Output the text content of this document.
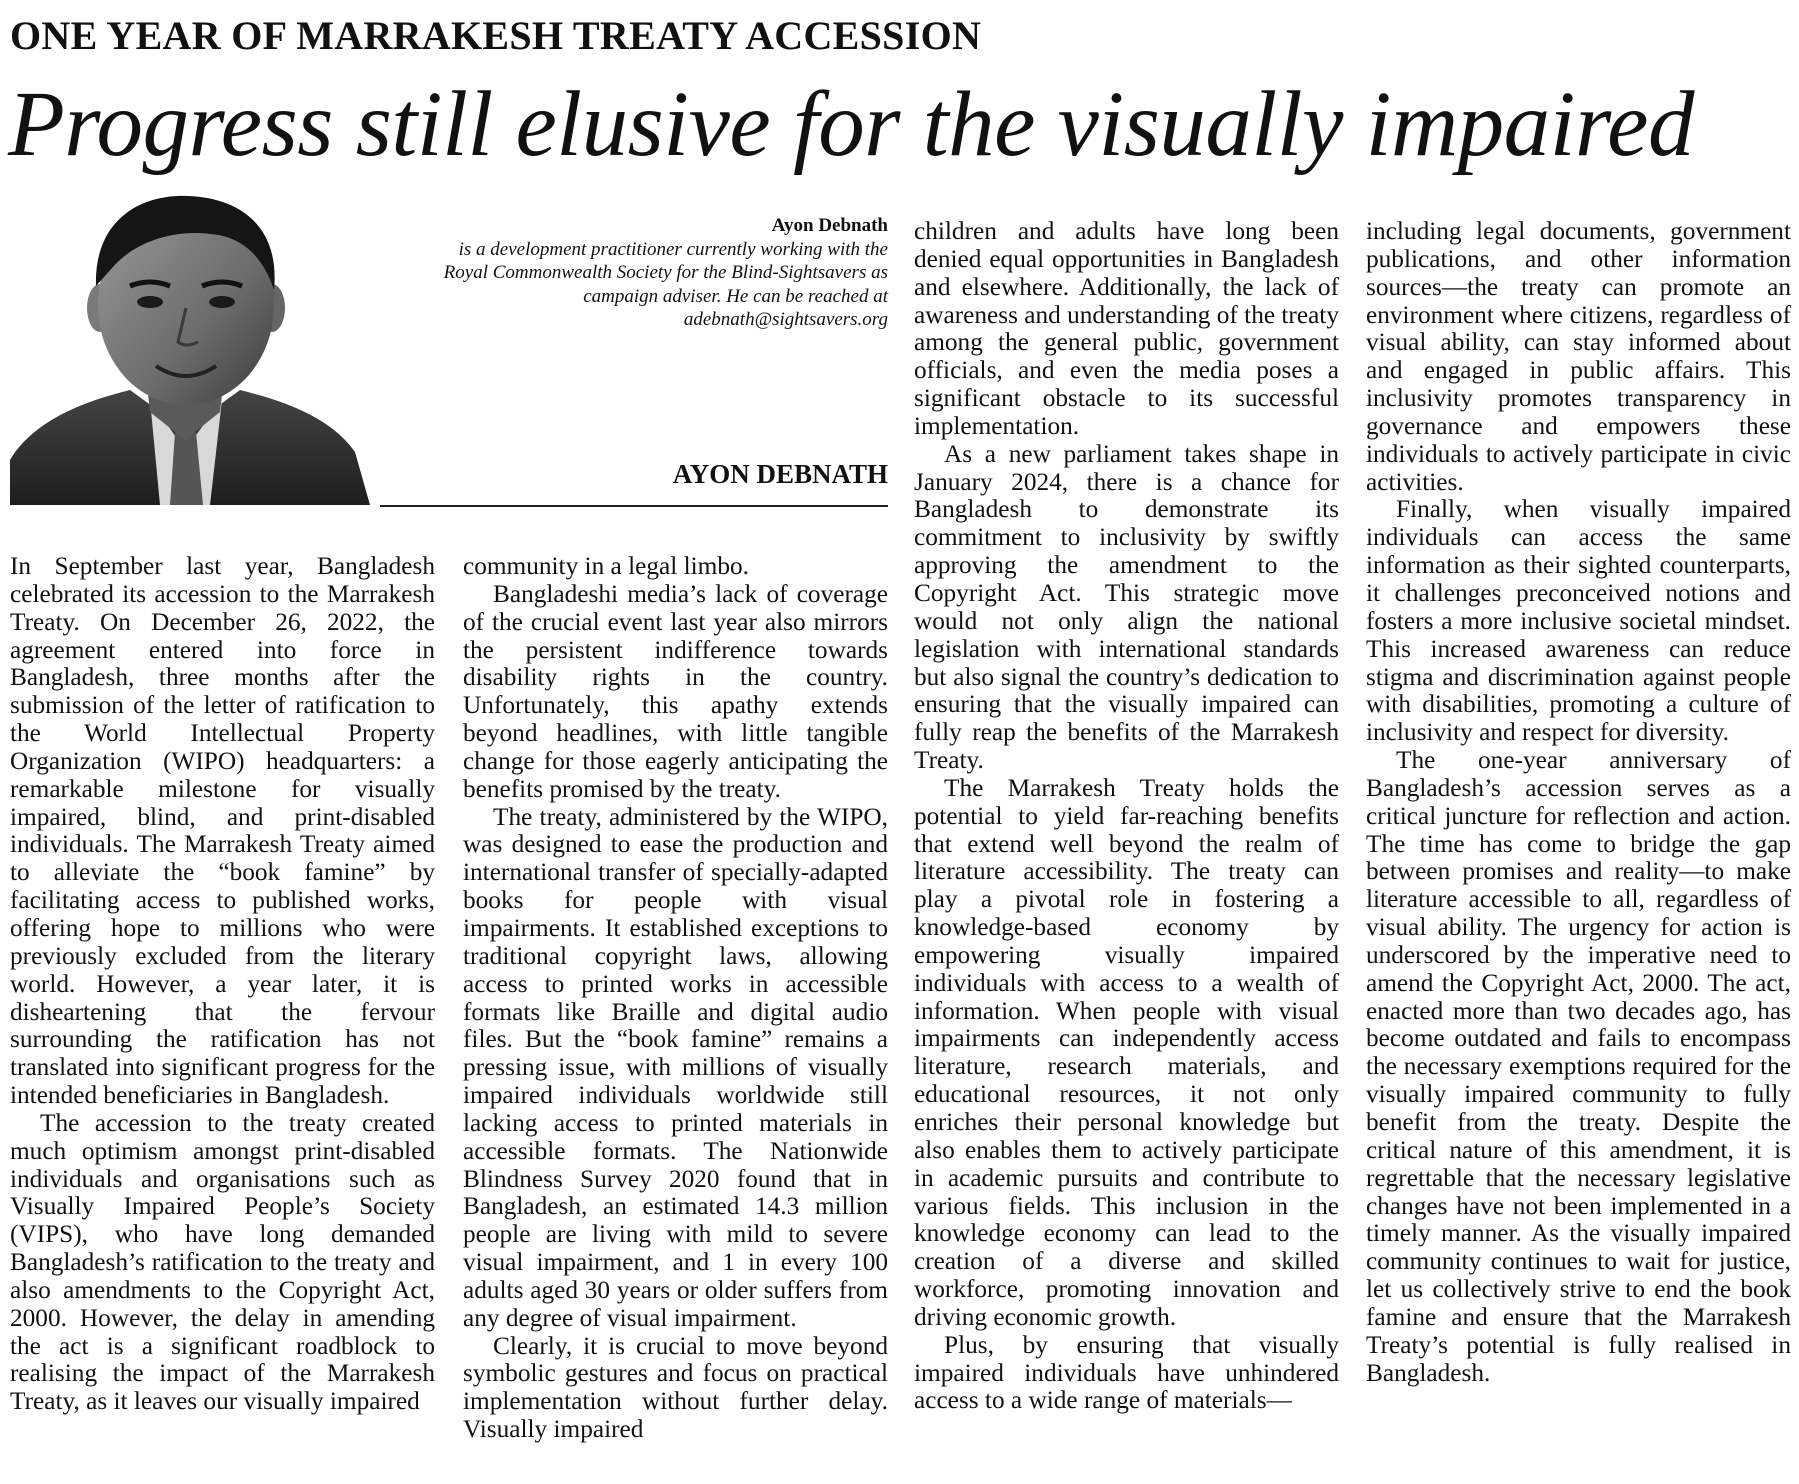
ONE YEAR OF MARRAKESH TREATY ACCESSION
Progress still elusive for the visually impaired
Ayon Debnath
is a development practitioner currently working with the Royal Commonwealth Society for the Blind-Sightsavers as campaign adviser. He can be reached at adebnath@sightsavers.org
AYON DEBNATH

In September last year, Bangladesh celebrated its accession to the Marrakesh Treaty. On December 26, 2022, the agreement entered into force in Bangladesh, three months after the submission of the letter of ratification to the World Intellectual Property Organization (WIPO) headquarters: a remarkable milestone for visually impaired, blind, and print-disabled individuals. The Marrakesh Treaty aimed to alleviate the “book famine” by facilitating access to published works, offering hope to millions who were previously excluded from the literary world. However, a year later, it is disheartening that the fervour surrounding the ratification has not translated into significant progress for the intended beneficiaries in Bangladesh.

The accession to the treaty created much optimism amongst print-disabled individuals and organisations such as Visually Impaired People’s Society (VIPS), who have long demanded Bangladesh’s ratification to the treaty and also amendments to the Copyright Act, 2000. However, the delay in amending the act is a significant roadblock to realising the impact of the Marrakesh Treaty, as it leaves our visually impaired

community in a legal limbo.

Bangladeshi media’s lack of coverage of the crucial event last year also mirrors the persistent indifference towards disability rights in the country. Unfortunately, this apathy extends beyond headlines, with little tangible change for those eagerly anticipating the benefits promised by the treaty.

The treaty, administered by the WIPO, was designed to ease the production and international transfer of specially-adapted books for people with visual impairments. It established exceptions to traditional copyright laws, allowing access to printed works in accessible formats like Braille and digital audio files. But the “book famine” remains a pressing issue, with millions of visually impaired individuals worldwide still lacking access to printed materials in accessible formats. The Nationwide Blindness Survey 2020 found that in Bangladesh, an estimated 14.3 million people are living with mild to severe visual impairment, and 1 in every 100 adults aged 30 years or older suffers from any degree of visual impairment.

Clearly, it is crucial to move beyond symbolic gestures and focus on practical implementation without further delay. Visually impaired

children and adults have long been denied equal opportunities in Bangladesh and elsewhere. Additionally, the lack of awareness and understanding of the treaty among the general public, government officials, and even the media poses a significant obstacle to its successful implementation.

As a new parliament takes shape in January 2024, there is a chance for Bangladesh to demonstrate its commitment to inclusivity by swiftly approving the amendment to the Copyright Act. This strategic move would not only align the national legislation with international standards but also signal the country’s dedication to ensuring that the visually impaired can fully reap the benefits of the Marrakesh Treaty.

The Marrakesh Treaty holds the potential to yield far-reaching benefits that extend well beyond the realm of literature accessibility. The treaty can play a pivotal role in fostering a knowledge-based economy by empowering visually impaired individuals with access to a wealth of information. When people with visual impairments can independently access literature, research materials, and educational resources, it not only enriches their personal knowledge but also enables them to actively participate in academic pursuits and contribute to various fields. This inclusion in the knowledge economy can lead to the creation of a diverse and skilled workforce, promoting innovation and driving economic growth.

Plus, by ensuring that visually impaired individuals have unhindered access to a wide range of materials—

including legal documents, government publications, and other information sources—the treaty can promote an environment where citizens, regardless of visual ability, can stay informed about and engaged in public affairs. This inclusivity promotes transparency in governance and empowers these individuals to actively participate in civic activities.

Finally, when visually impaired individuals can access the same information as their sighted counterparts, it challenges preconceived notions and fosters a more inclusive societal mindset. This increased awareness can reduce stigma and discrimination against people with disabilities, promoting a culture of inclusivity and respect for diversity.

The one-year anniversary of Bangladesh’s accession serves as a critical juncture for reflection and action. The time has come to bridge the gap between promises and reality—to make literature accessible to all, regardless of visual ability. The urgency for action is underscored by the imperative need to amend the Copyright Act, 2000. The act, enacted more than two decades ago, has become outdated and fails to encompass the necessary exemptions required for the visually impaired community to fully benefit from the treaty. Despite the critical nature of this amendment, it is regrettable that the necessary legislative changes have not been implemented in a timely manner. As the visually impaired community continues to wait for justice, let us collectively strive to end the book famine and ensure that the Marrakesh Treaty’s potential is fully realised in Bangladesh.
